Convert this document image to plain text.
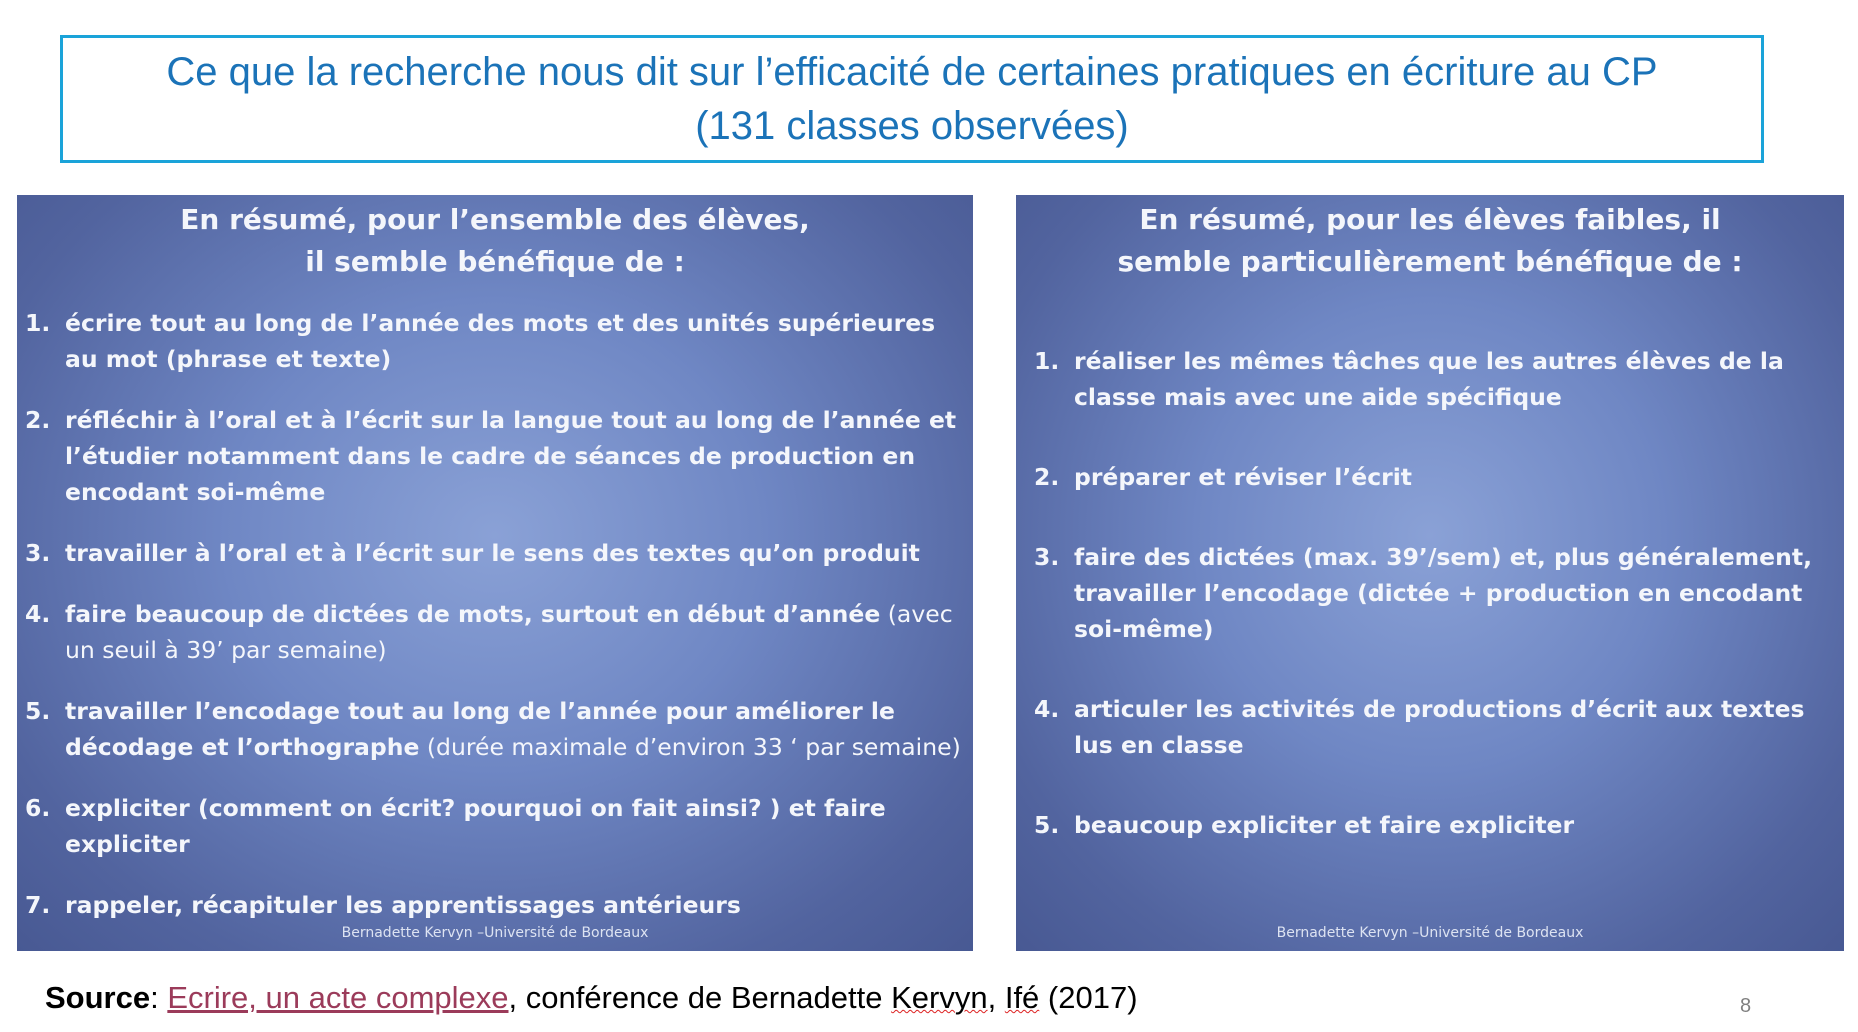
Ce que la recherche nous dit sur l’efficacité de certaines pratiques en écriture au CP
(131 classes observées)
En résumé, pour l’ensemble des élèves,
il semble bénéfique de :
1. écrire tout au long de l’année des mots et des unités supérieures au mot (phrase et texte)
2. réfléchir à l’oral et à l’écrit sur la langue tout au long de l’année et l’étudier notamment dans le cadre de séances de production en encodant soi-même
3. travailler à l’oral et à l’écrit sur le sens des textes qu’on produit
4. faire beaucoup de dictées de mots, surtout en début d’année (avec un seuil à 39’ par semaine)
5. travailler l’encodage tout au long de l’année pour améliorer le décodage et l’orthographe (durée maximale d’environ 33 ‘ par semaine)
6. expliciter (comment on écrit? pourquoi on fait ainsi? ) et faire expliciter
7. rappeler, récapituler les apprentissages antérieurs
Bernadette Kervyn –Université de Bordeaux
En résumé, pour les élèves faibles, il
semble particulièrement bénéfique de :
1. réaliser les mêmes tâches que les autres élèves de la classe mais avec une aide spécifique
2. préparer et réviser l’écrit
3. faire des dictées (max. 39’/sem) et, plus généralement, travailler l’encodage (dictée + production en encodant soi-même)
4. articuler les activités de productions d’écrit aux textes lus en classe
5. beaucoup expliciter et faire expliciter
Bernadette Kervyn –Université de Bordeaux
Source: Ecrire, un acte complexe, conférence de Bernadette Kervyn, Ifé (2017)	8
